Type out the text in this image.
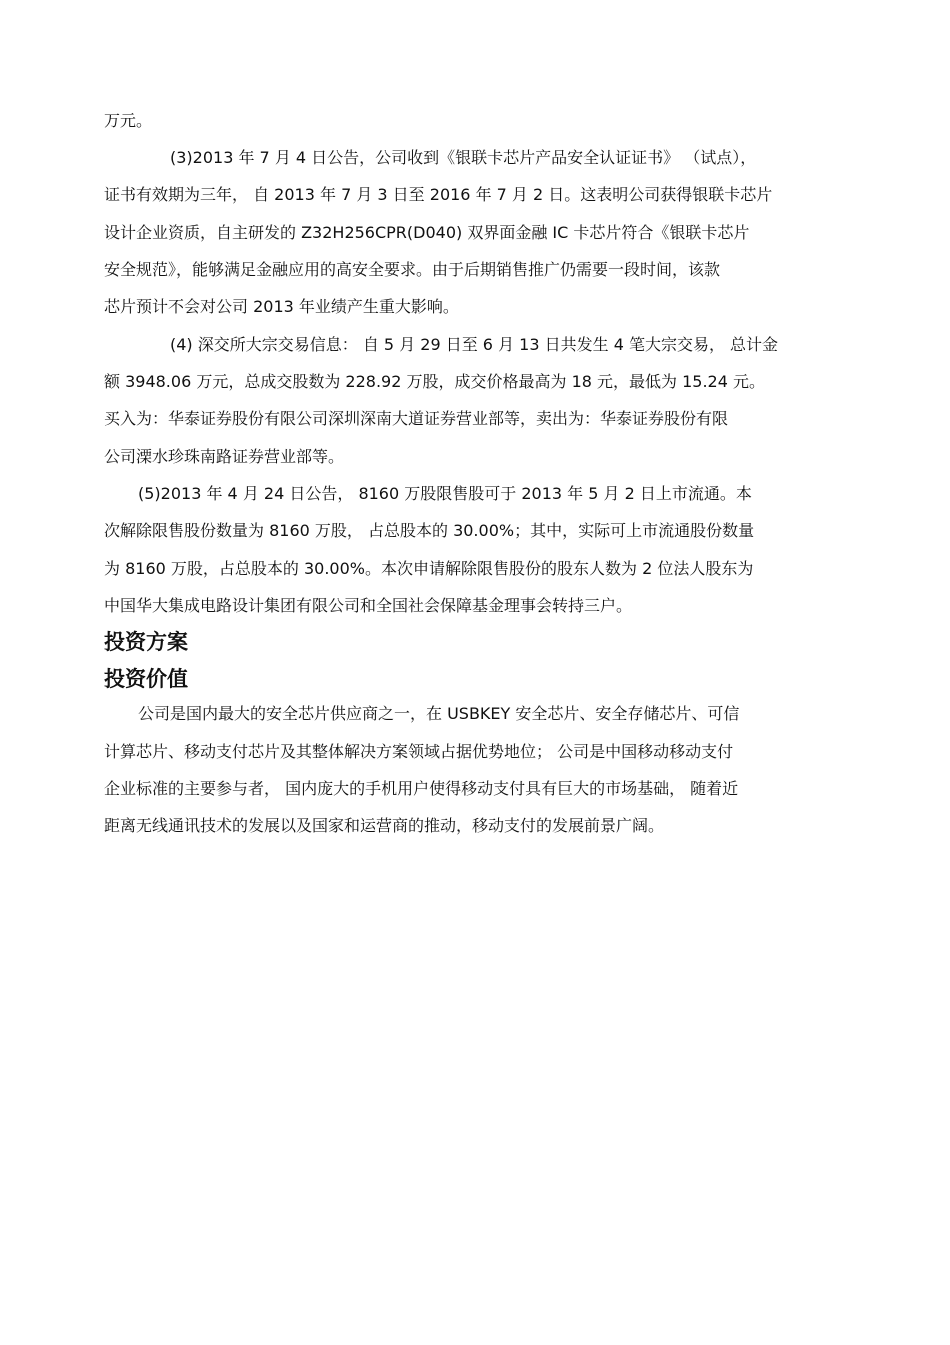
万元。

(3)2013 年 7 月 4 日公告，公司收到《银联卡芯片产品安全认证证书》 （试点），

证书有效期为三年， 自 2013 年 7 月 3 日至 2016 年 7 月 2 日。这表明公司获得银联卡芯片

设计企业资质，自主研发的 Z32H256CPR(D040) 双界面金融 IC 卡芯片符合《银联卡芯片

安全规范》，能够满足金融应用的高安全要求。由于后期销售推广仍需要一段时间，该款

芯片预计不会对公司 2013 年业绩产生重大影响。

(4) 深交所大宗交易信息： 自 5 月 29 日至 6 月 13 日共发生 4 笔大宗交易， 总计金

额 3948.06 万元，总成交股数为 228.92 万股，成交价格最高为 18 元，最低为 15.24 元。

买入为：华泰证券股份有限公司深圳深南大道证券营业部等，卖出为：华泰证券股份有限

公司溧水珍珠南路证券营业部等。

(5)2013 年 4 月 24 日公告， 8160 万股限售股可于 2013 年 5 月 2 日上市流通。本

次解除限售股份数量为 8160 万股， 占总股本的 30.00%；其中，实际可上市流通股份数量

为 8160 万股，占总股本的 30.00%。本次申请解除限售股份的股东人数为 2 位法人股东为

中国华大集成电路设计集团有限公司和全国社会保障基金理事会转持三户。

投资方案
投资价值

公司是国内最大的安全芯片供应商之一，在 USBKEY 安全芯片、安全存储芯片、可信

计算芯片、移动支付芯片及其整体解决方案领域占据优势地位； 公司是中国移动移动支付

企业标准的主要参与者， 国内庞大的手机用户使得移动支付具有巨大的市场基础， 随着近

距离无线通讯技术的发展以及国家和运营商的推动，移动支付的发展前景广阔。
